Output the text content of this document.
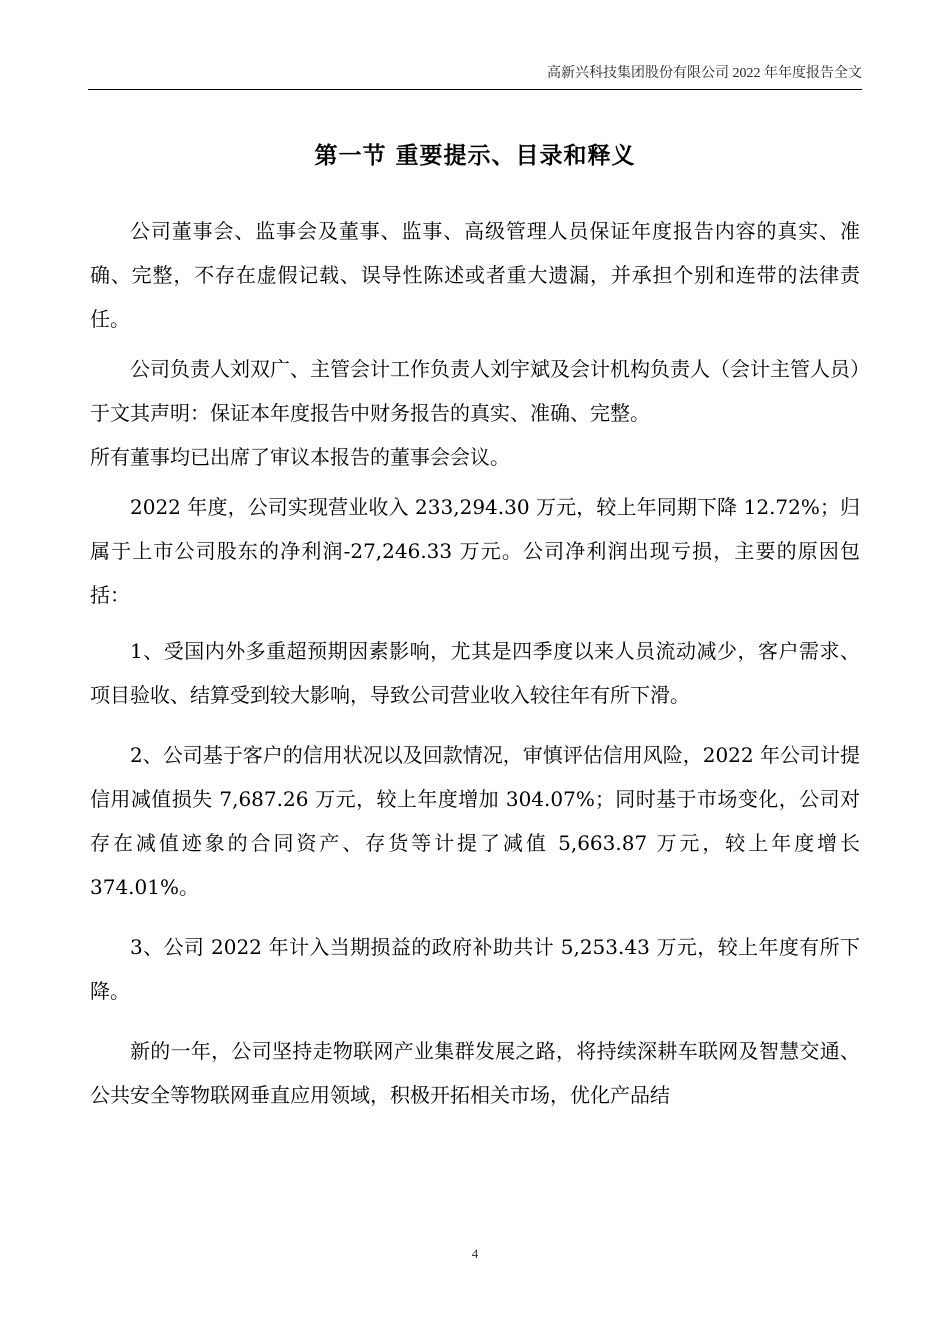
高新兴科技集团股份有限公司 2022 年年度报告全文
第一节 重要提示、目录和释义

公司董事会、监事会及董事、监事、高级管理人员保证年度报告内容的真实、准确、完整，不存在虚假记载、误导性陈述或者重大遗漏，并承担个别和连带的法律责任。

公司负责人刘双广、主管会计工作负责人刘宇斌及会计机构负责人（会计主管人员）于文其声明：保证本年度报告中财务报告的真实、准确、完整。

所有董事均已出席了审议本报告的董事会会议。

2022 年度，公司实现营业收入 233,294.30 万元，较上年同期下降 12.72%；归属于上市公司股东的净利润-27,246.33 万元。公司净利润出现亏损，主要的原因包括：

1、受国内外多重超预期因素影响，尤其是四季度以来人员流动减少，客户需求、项目验收、结算受到较大影响，导致公司营业收入较往年有所下滑。

2、公司基于客户的信用状况以及回款情况，审慎评估信用风险，2022 年公司计提信用减值损失 7,687.26 万元，较上年度增加 304.07%；同时基于市场变化，公司对存在减值迹象的合同资产、存货等计提了减值 5,663.87 万元，较上年度增长 374.01%。

3、公司 2022 年计入当期损益的政府补助共计 5,253.43 万元，较上年度有所下降。

新的一年，公司坚持走物联网产业集群发展之路，将持续深耕车联网及智慧交通、公共安全等物联网垂直应用领域，积极开拓相关市场，优化产品结

4
